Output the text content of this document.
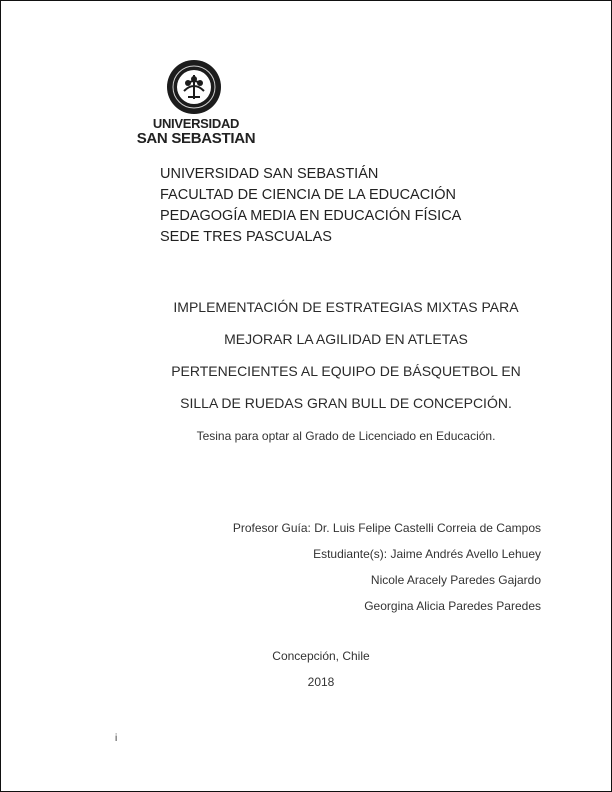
UNIVERSIDAD
SAN SEBASTIAN
UNIVERSIDAD SAN SEBASTIÁN
FACULTAD DE CIENCIA DE LA EDUCACIÓN
PEDAGOGÍA MEDIA EN EDUCACIÓN FÍSICA
SEDE TRES PASCUALAS
IMPLEMENTACIÓN DE ESTRATEGIAS MIXTAS PARA
MEJORAR LA AGILIDAD EN ATLETAS
PERTENECIENTES AL EQUIPO DE BÁSQUETBOL EN
SILLA DE RUEDAS GRAN BULL DE CONCEPCIÓN.
Tesina para optar al Grado de Licenciado en Educación.
Profesor Guía: Dr. Luis Felipe Castelli Correia de Campos
Estudiante(s): Jaime Andrés Avello Lehuey
Nicole Aracely Paredes Gajardo
Georgina Alicia Paredes Paredes
Concepción, Chile
2018
i
